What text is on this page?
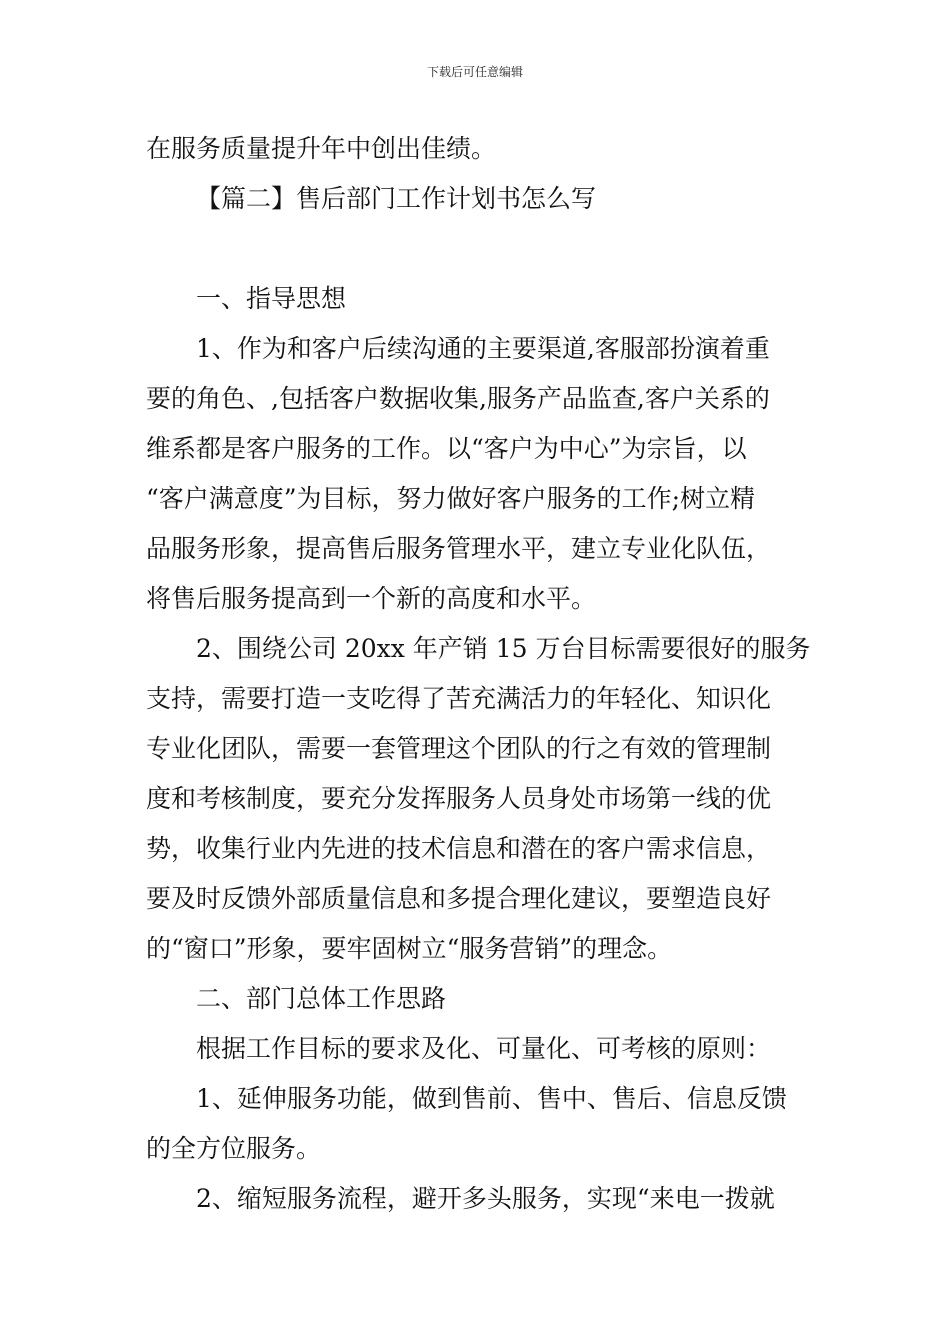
下载后可任意编辑
在服务质量提升年中创出佳绩。
【篇二】售后部门工作计划书怎么写
一、指导思想
1、作为和客户后续沟通的主要渠道,客服部扮演着重
要的角色、,包括客户数据收集,服务产品监查,客户关系的
维系都是客户服务的工作。以“客户为中心”为宗旨，以
“客户满意度”为目标，努力做好客户服务的工作;树立精
品服务形象，提高售后服务管理水平，建立专业化队伍，
将售后服务提高到一个新的高度和水平。
2、围绕公司 20xx 年产销 15 万台目标需要很好的服务
支持，需要打造一支吃得了苦充满活力的年轻化、知识化
专业化团队，需要一套管理这个团队的行之有效的管理制
度和考核制度，要充分发挥服务人员身处市场第一线的优
势，收集行业内先进的技术信息和潜在的客户需求信息，
要及时反馈外部质量信息和多提合理化建议，要塑造良好
的“窗口”形象，要牢固树立“服务营销”的理念。
二、部门总体工作思路
根据工作目标的要求及化、可量化、可考核的原则：
1、延伸服务功能，做到售前、售中、售后、信息反馈
的全方位服务。
2、缩短服务流程，避开多头服务，实现“来电一拨就
